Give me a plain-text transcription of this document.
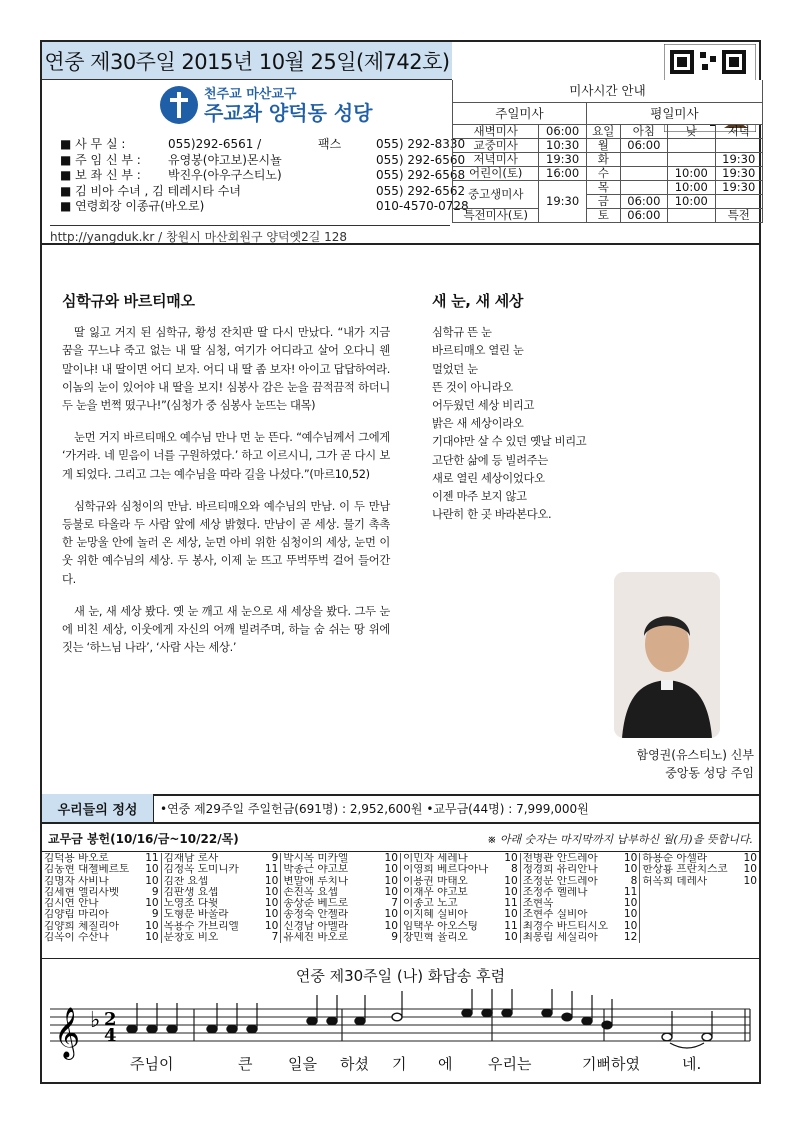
연중 제30주일 2015년 10월 25일(제742호)
천주교 마산교구
주교좌 양덕동 성당
■ 사 무 실 :	055)292-6561 /	팩스	055) 292-8330
■ 주 임 신 부 :	유영봉(야고보)몬시뇰	055) 292-6560
■ 보 좌 신 부 :	박진우(아우구스티노)	055) 292-6568
■ 김 비아 수녀 , 김 테레시타 수녀	055) 292-6562
■ 연령회장 이종규(바오로)	010-4570-0728
http://yangduk.kr / 창원시 마산회원구 양덕옛2길 128
미사시간 안내					
주일미사		평일미사			
새벽미사	06:00	요일	아침	낮	저녁
교중미사	10:30	월	06:00		
저녁미사	19:30	화			19:30
어린이(토)	16:00	수		10:00	19:30
중고생미사	19:30	목		10:00	19:30
		금	06:00	10:00	
특전미사(토)		토	06:00		특전
심학규와 바르티매오

딸 잃고 거지 된 심학규, 황성 잔치판 딸 다시 만났다. “내가 지금 꿈을 꾸느냐 죽고 없는 내 딸 심청, 여기가 어디라고 살어 오다니 웬 말이냐! 내 딸이면 어디 보자. 어디 내 딸 좀 보자! 아이고 답답하여라. 이놈의 눈이 있어야 내 딸을 보지! 심봉사 감은 눈을 끔적끔적 하더니 두 눈을 번쩍 떴구나!”(심청가 중 심봉사 눈뜨는 대목)

눈먼 거지 바르티매오 예수님 만나 먼 눈 뜬다. “예수님께서 그에게 ‘가거라. 네 믿음이 너를 구원하였다.’ 하고 이르시니, 그가 곧 다시 보게 되었다. 그리고 그는 예수님을 따라 길을 나섰다.”(마르10,52)

심학규와 심청이의 만남. 바르티매오와 예수님의 만남. 이 두 만남 등불로 타올라 두 사람 앞에 세상 밝혔다. 만남이 곧 세상. 물기 촉촉한 눈망울 안에 놀러 온 세상, 눈먼 아비 위한 심청이의 세상, 눈먼 이웃 위한 예수님의 세상. 두 봉사, 이제 눈 뜨고 뚜벅뚜벅 걸어 들어간다.

새 눈, 새 세상 봤다. 옛 눈 깨고 새 눈으로 새 세상을 봤다. 그두 눈에 비친 세상, 이웃에게 자신의 어깨 빌려주며, 하늘 숨 쉬는 땅 위에 짓는 ‘하느님 나라’, ‘사람 사는 세상.’

새 눈, 새 세상
심학규 뜬 눈
바르티매오 열린 눈
멀었던 눈
뜬 것이 아니라오
어두웠던 세상 비리고
밝은 새 세상이라오
기대야만 살 수 있던 옛날 비리고
고단한 삶에 등 빌려주는
새로 열린 세상이었다오
이젠 마주 보지 않고
나란히 한 곳 바라본다오.
함영권(유스티노) 신부
중앙동 성당 주임
우리들의 정성	•연중 제29주일 주일헌금(691명) : 2,952,600원 •교무금(44명) : 7,999,000원
교무금 봉헌(10/16/금~10/22/목)	※ 아래 숫자는 마지막까지 납부하신 월(月)을 뜻합니다.
김덕용 바오로	11
김동현 대젤베르토 10
김명자 사비나	10
김세현 엘리사벳	9
김시연 안나	10
김양림 마리아	9
김양희 체칠리아 10
김옥이 수산나	10
김재남 로사	9
김정옥 도미니카 11
김찬 요셉	10
김판생 요셉	10
노영조 다윗	10
도형분 바울라	10
목용수 가브리엘 10
문창호 비오	7
박시목 미카엘	10
박종근 야고보	10
변말애 루치나	10
손진옥 요셉	10
송상준 베드로	7
송정숙 안젤라	10
신경남 아멜라	10
유세진 바오로	9
이민자 세레나	10
이영희 베르다아나 8
이용권 마태오	10
이재우 야고보	10
이종고 노고	11
이지혜 실비아	10
임택우 아오스팅 11
장민혁 율리오	10
전병관 안드레아 10
정경희 유리안나 10
조정문 안드레아	8
조정주 헬레나	11
조현옥	10
조현주 실비아	10
최경수 바드티시오 10
최봉림 세실리아 12
하용순 아셀라	10
한상룡 프란치스코 10
허옥희 데레사	10
연중 제30주일 (나) 화답송 후렴
𝄞 ♭ 2
4
주님이	큰 일을 하셨 기 에 우리는	기뻐하였	네.
